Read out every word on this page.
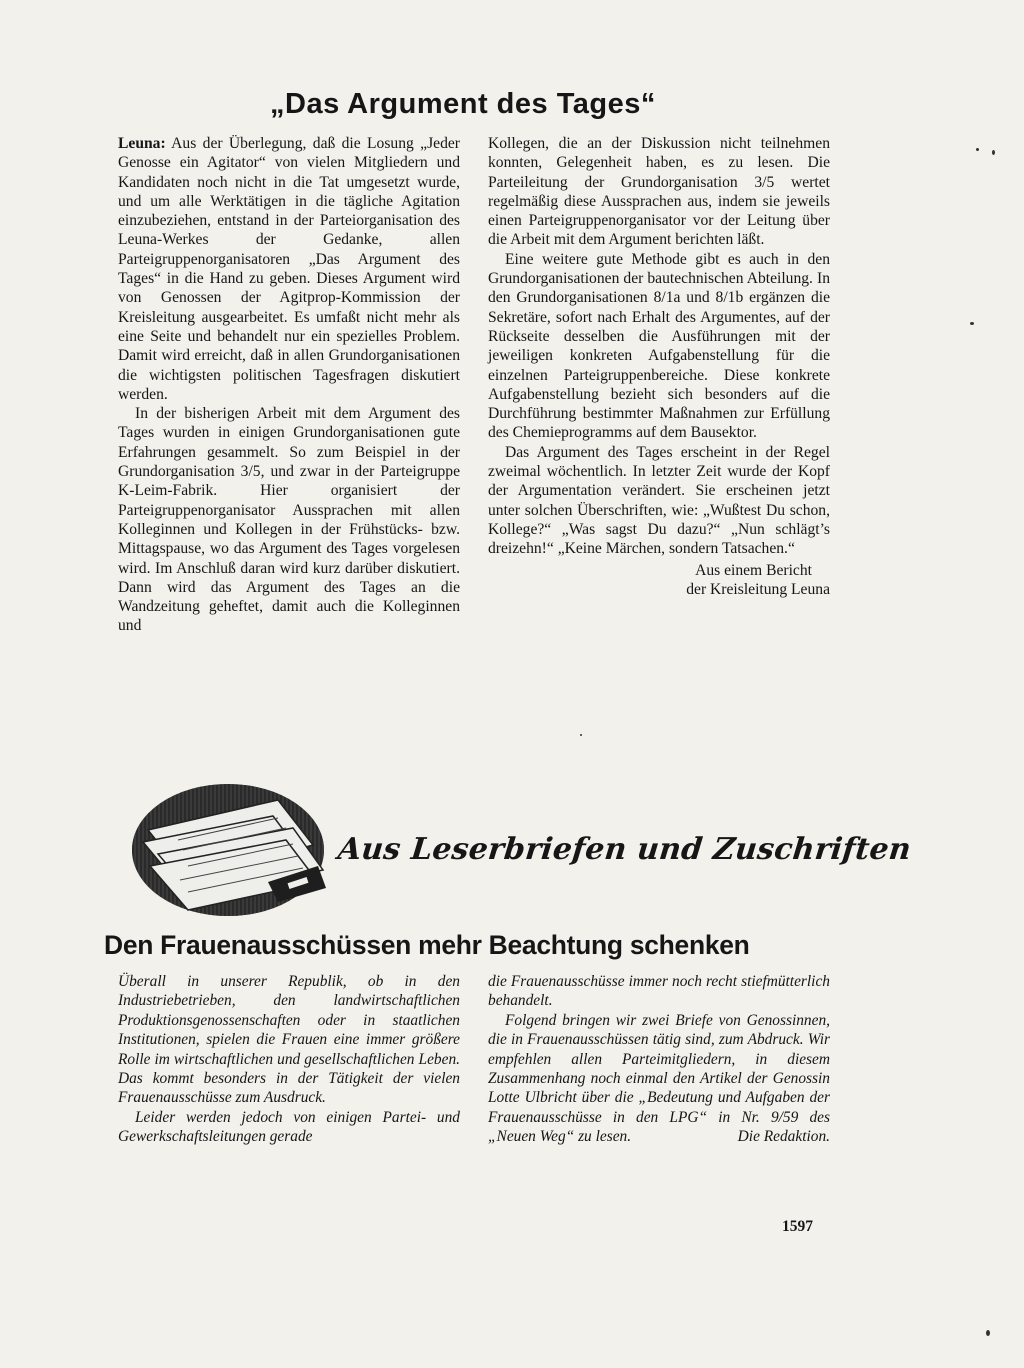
„Das Argument des Tages“

Leuna: Aus der Überlegung, daß die Losung „Jeder Genosse ein Agitator“ von vielen Mitgliedern und Kandidaten noch nicht in die Tat umgesetzt wurde, und um alle Werktätigen in die tägliche Agitation einzubeziehen, entstand in der Parteiorganisation des Leuna-Werkes der Gedanke, allen Parteigruppenorganisatoren „Das Argument des Tages“ in die Hand zu geben. Dieses Argument wird von Genossen der Agitprop-Kommission der Kreisleitung ausgearbeitet. Es umfaßt nicht mehr als eine Seite und behandelt nur ein spezielles Problem. Damit wird erreicht, daß in allen Grundorganisationen die wichtigsten politischen Tagesfragen diskutiert werden.

In der bisherigen Arbeit mit dem Argument des Tages wurden in einigen Grundorganisationen gute Erfahrungen gesammelt. So zum Beispiel in der Grundorganisation 3/5, und zwar in der Parteigruppe K-Leim-Fabrik. Hier organisiert der Parteigruppenorganisator Aussprachen mit allen Kolleginnen und Kollegen in der Frühstücks- bzw. Mittagspause, wo das Argument des Tages vorgelesen wird. Im Anschluß daran wird kurz darüber diskutiert. Dann wird das Argument des Tages an die Wandzeitung geheftet, damit auch die Kolleginnen und

Kollegen, die an der Diskussion nicht teilnehmen konnten, Gelegenheit haben, es zu lesen. Die Parteileitung der Grundorganisation 3/5 wertet regelmäßig diese Aussprachen aus, indem sie jeweils einen Parteigruppenorganisator vor der Leitung über die Arbeit mit dem Argument berichten läßt.

Eine weitere gute Methode gibt es auch in den Grundorganisationen der bautechnischen Abteilung. In den Grundorganisationen 8/1a und 8/1b ergänzen die Sekretäre, sofort nach Erhalt des Argumentes, auf der Rückseite desselben die Ausführungen mit der jeweiligen konkreten Aufgabenstellung für die einzelnen Parteigruppenbereiche. Diese konkrete Aufgabenstellung bezieht sich besonders auf die Durchführung bestimmter Maßnahmen zur Erfüllung des Chemieprogramms auf dem Bausektor.

Das Argument des Tages erscheint in der Regel zweimal wöchentlich. In letzter Zeit wurde der Kopf der Argumentation verändert. Sie erscheinen jetzt unter solchen Überschriften, wie: „Wußtest Du schon, Kollege?“ „Was sagst Du dazu?“ „Nun schlägt’s dreizehn!“ „Keine Märchen, sondern Tatsachen.“

Aus einem Bericht
der Kreisleitung Leuna
Aus Leserbriefen und Zuschriften
Den Frauenausschüssen mehr Beachtung schenken

Überall in unserer Republik, ob in den Industriebetrieben, den landwirtschaftlichen Produktionsgenossenschaften oder in staatlichen Institutionen, spielen die Frauen eine immer größere Rolle im wirtschaftlichen und gesellschaftlichen Leben. Das kommt besonders in der Tätigkeit der vielen Frauenausschüsse zum Ausdruck.

Leider werden jedoch von einigen Partei- und Gewerkschaftsleitungen gerade

die Frauenausschüsse immer noch recht stiefmütterlich behandelt.

Folgend bringen wir zwei Briefe von Genossinnen, die in Frauenausschüssen tätig sind, zum Abdruck. Wir empfehlen allen Parteimitgliedern, in diesem Zusammenhang noch einmal den Artikel der Genossin Lotte Ulbricht über die „Bedeutung und Aufgaben der Frauenausschüsse in den LPG“ in Nr. 9/59 des „Neuen Weg“ zu lesen.	Die Redaktion.

1597
